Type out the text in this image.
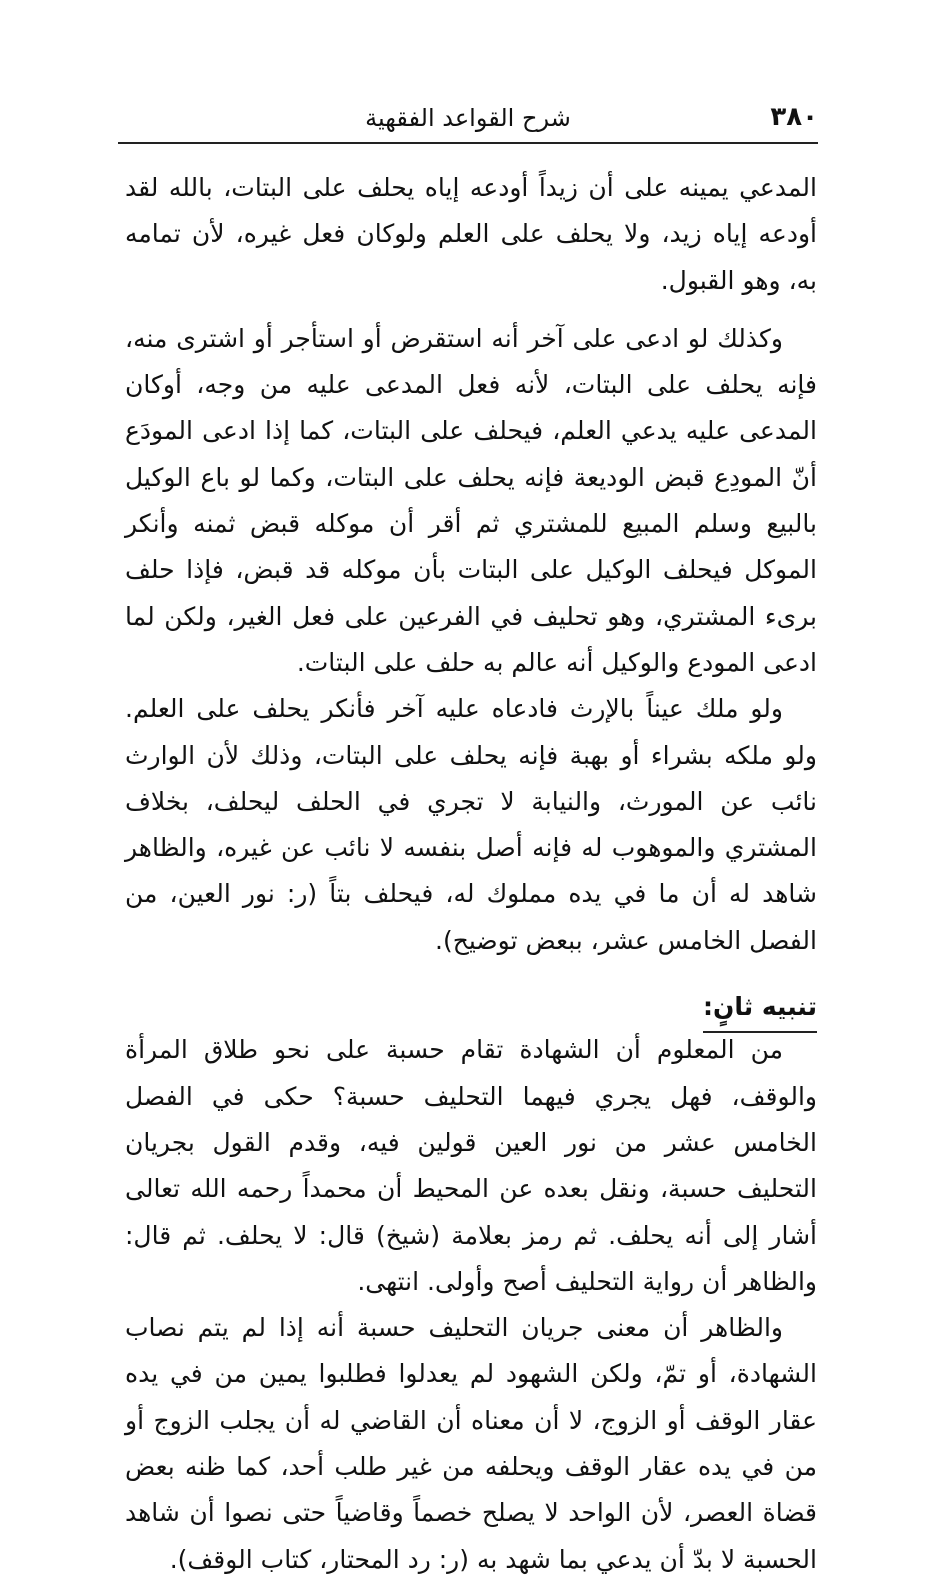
٣٨٠
شرح القواعد الفقهية

المدعي يمينه على أن زيداً أودعه إياه يحلف على البتات، بالله لقد أودعه إياه زيد، ولا يحلف على العلم ولوكان فعل غيره، لأن تمامه به، وهو القبول.

وكذلك لو ادعى على آخر أنه استقرض أو استأجر أو اشترى منه، فإنه يحلف على البتات، لأنه فعل المدعى عليه من وجه، أوكان المدعى عليه يدعي العلم، فيحلف على البتات، كما إذا ادعى المودَع أنّ المودِع قبض الوديعة فإنه يحلف على البتات، وكما لو باع الوكيل بالبيع وسلم المبيع للمشتري ثم أقر أن موكله قبض ثمنه وأنكر الموكل فيحلف الوكيل على البتات بأن موكله قد قبض، فإذا حلف برىء المشتري، وهو تحليف في الفرعين على فعل الغير، ولكن لما ادعى المودع والوكيل أنه عالم به حلف على البتات.

ولو ملك عيناً بالإرث فادعاه عليه آخر فأنكر يحلف على العلم. ولو ملكه بشراء أو بهبة فإنه يحلف على البتات، وذلك لأن الوارث نائب عن المورث، والنيابة لا تجري في الحلف ليحلف، بخلاف المشتري والموهوب له فإنه أصل بنفسه لا نائب عن غيره، والظاهر شاهد له أن ما في يده مملوك له، فيحلف بتاً (ر: نور العين، من الفصل الخامس عشر، ببعض توضيح).

تنبيه ثانٍ:

من المعلوم أن الشهادة تقام حسبة على نحو طلاق المرأة والوقف، فهل يجري فيهما التحليف حسبة؟ حكى في الفصل الخامس عشر من نور العين قولين فيه، وقدم القول بجريان التحليف حسبة، ونقل بعده عن المحيط أن محمداً رحمه الله تعالى أشار إلى أنه يحلف. ثم رمز بعلامة (شيخ) قال: لا يحلف. ثم قال: والظاهر أن رواية التحليف أصح وأولى. انتهى.

والظاهر أن معنى جريان التحليف حسبة أنه إذا لم يتم نصاب الشهادة، أو تمّ، ولكن الشهود لم يعدلوا فطلبوا يمين من في يده عقار الوقف أو الزوج، لا أن معناه أن القاضي له أن يجلب الزوج أو من في يده عقار الوقف ويحلفه من غير طلب أحد، كما ظنه بعض قضاة العصر، لأن الواحد لا يصلح خصماً وقاضياً حتى نصوا أن شاهد الحسبة لا بدّ أن يدعي بما شهد به (ر: رد المحتار، كتاب الوقف).
